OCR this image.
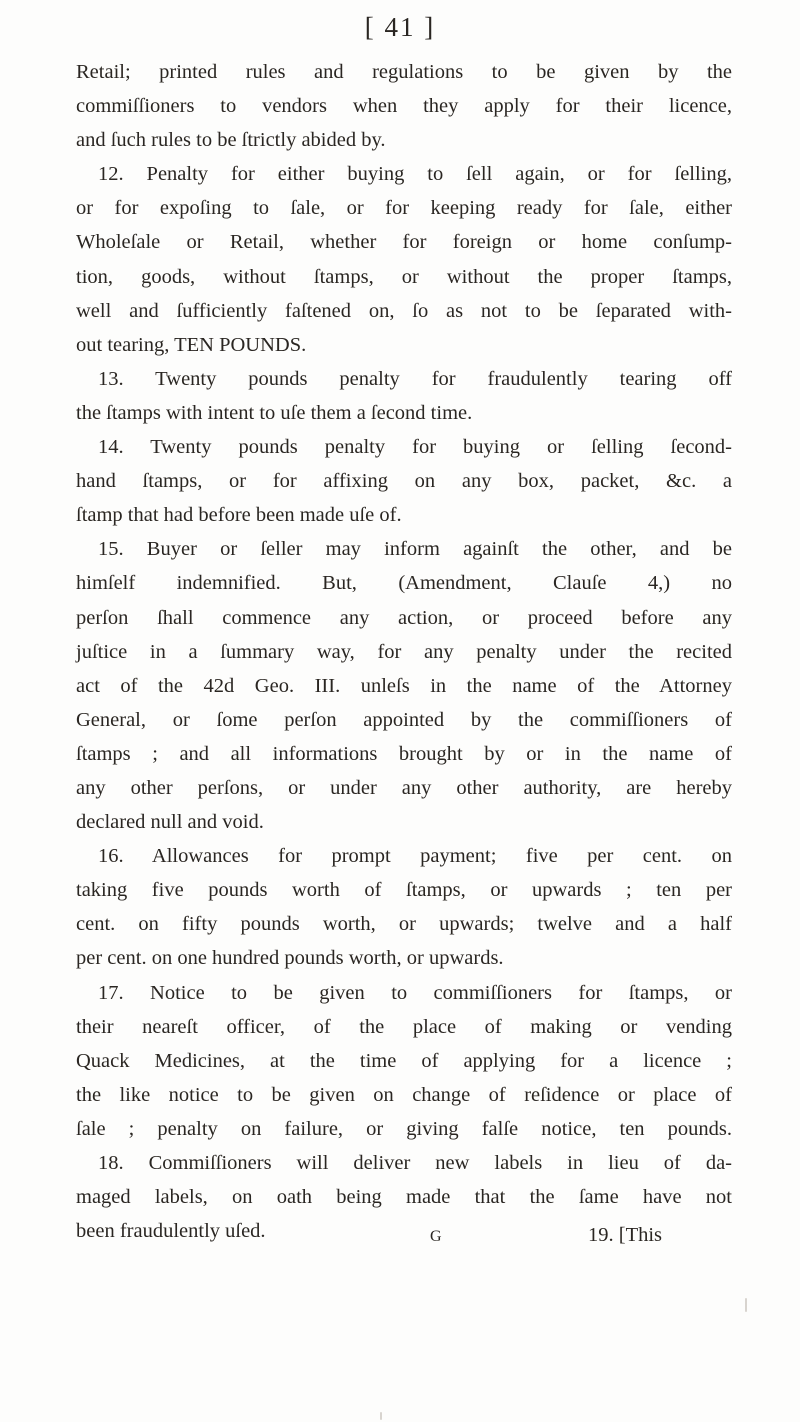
[ 41 ]
Retail; printed rules and regulations to be given by the
commiſſioners to vendors when they apply for their licence,
and ſuch rules to be ſtrictly abided by.
12. Penalty for either buying to ſell again, or for ſelling,
or for expoſing to ſale, or for keeping ready for ſale, either
Wholeſale or Retail, whether for foreign or home conſump-
tion, goods, without ſtamps, or without the proper ſtamps,
well and ſufficiently faſtened on, ſo as not to be ſeparated with-
out tearing, TEN POUNDS.
13. Twenty pounds penalty for fraudulently tearing off
the ſtamps with intent to uſe them a ſecond time.
14. Twenty pounds penalty for buying or ſelling ſecond-
hand ſtamps, or for affixing on any box, packet, &c. a
ſtamp that had before been made uſe of.
15. Buyer or ſeller may inform againſt the other, and be
himſelf indemnified. But, (Amendment, Clauſe 4,) no
perſon ſhall commence any action, or proceed before any
juſtice in a ſummary way, for any penalty under the recited
act of the 42d Geo. III. unleſs in the name of the Attorney
General, or ſome perſon appointed by the commiſſioners of
ſtamps ; and all informations brought by or in the name of
any other perſons, or under any other authority, are hereby
declared null and void.
16. Allowances for prompt payment; five per cent. on
taking five pounds worth of ſtamps, or upwards ; ten per
cent. on fifty pounds worth, or upwards; twelve and a half
per cent. on one hundred pounds worth, or upwards.
17. Notice to be given to commiſſioners for ſtamps, or
their neareſt officer, of the place of making or vending
Quack Medicines, at the time of applying for a licence ;
the like notice to be given on change of reſidence or place of
ſale ; penalty on failure, or giving falſe notice, ten pounds.
18. Commiſſioners will deliver new labels in lieu of da-
maged labels, on oath being made that the ſame have not
been fraudulently uſed.	G	19. [This
